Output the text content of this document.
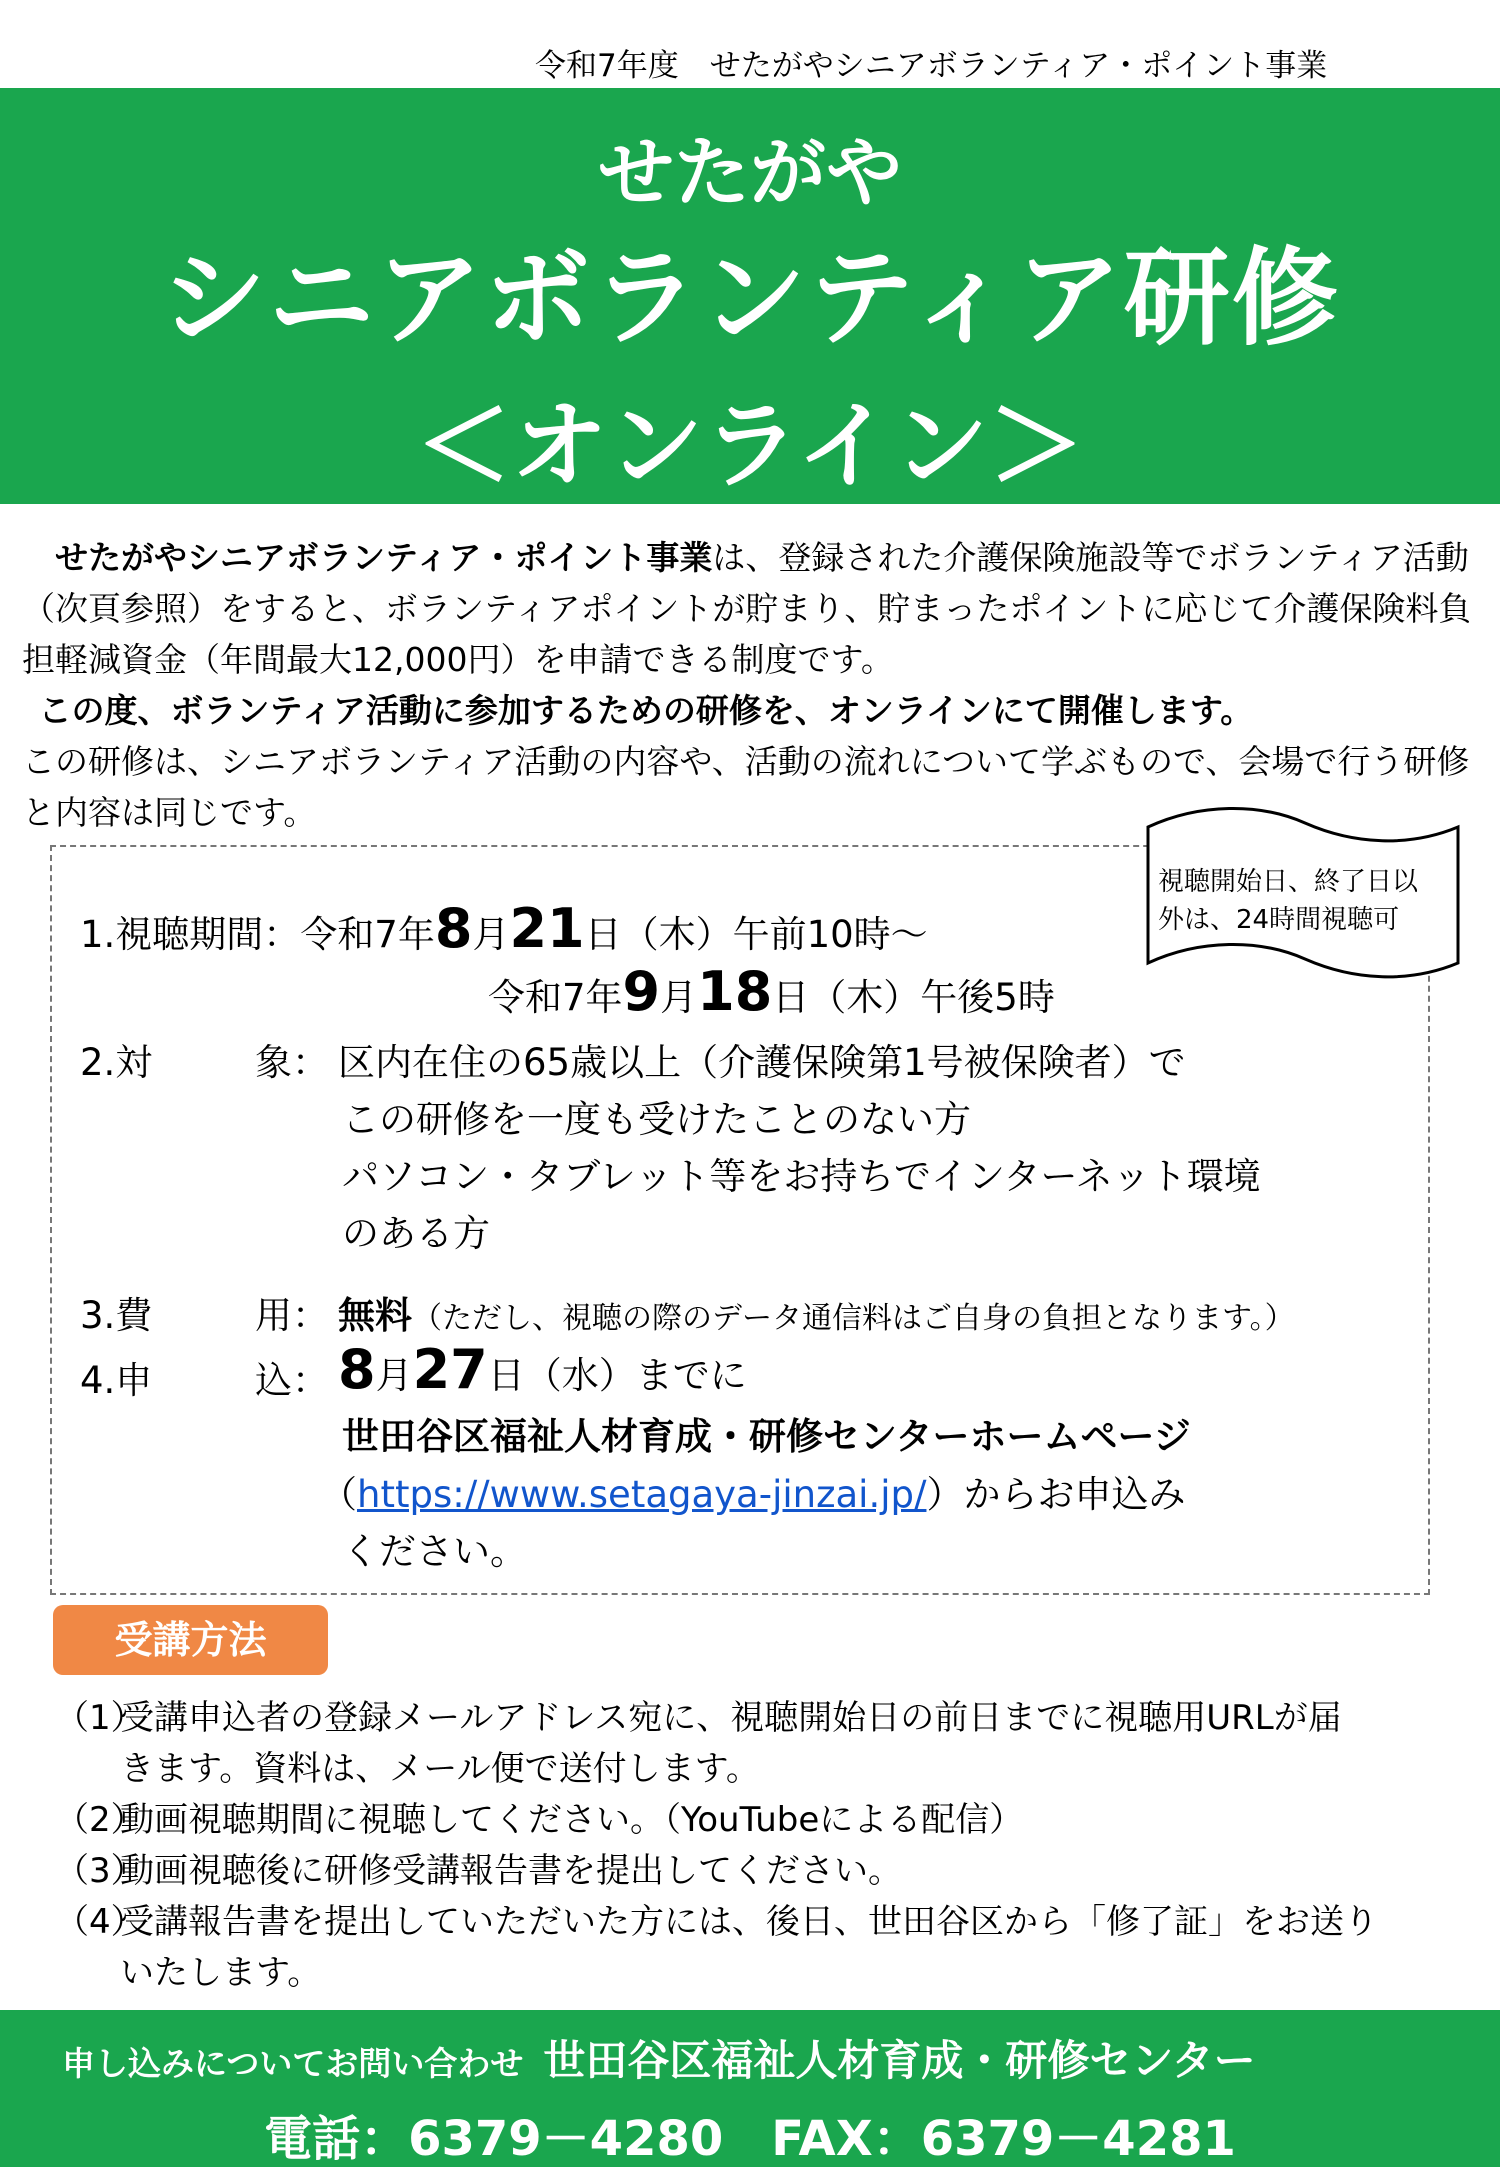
令和7年度　せたがやシニアボランティア・ポイント事業
せたがや
シニアボランティア研修
＜オンライン＞

 せたがやシニアボランティア・ポイント事業は、登録された介護保険施設等でボランティア活動（次頁参照）をすると、ボランティアポイントが貯まり、貯まったポイントに応じて介護保険料負担軽減資金（年間最大12,000円）を申請できる制度です。

 この度、ボランティア活動に参加するための研修を、オンラインにて開催します。

この研修は、シニアボランティア活動の内容や、活動の流れについて学ぶもので、会場で行う研修と内容は同じです。

視聴開始日、終了日以
外は、24時間視聴可
1.視聴期間：令和7年8月21日（木）午前10時～
令和7年9月18日（木）午後5時
2.対	象： 区内在住の65歳以上（介護保険第1号被保険者）で
この研修を一度も受けたことのない方
パソコン・タブレット等をお持ちでインターネット環境
のある方
3.費	用： 無料（ただし、視聴の際のデータ通信料はご自身の負担となります。）
4.申	込： 8月27日（水）までに
世田谷区福祉人材育成・研修センターホームページ
（https://www.setagaya-jinzai.jp/）からお申込み
ください。
受講方法
（1）
受講申込者の登録メールアドレス宛に、視聴開始日の前日までに視聴用URLが届きます。資料は、メール便で送付します。
（2）
動画視聴期間に視聴してください。（YouTubeによる配信）
（3）
動画視聴後に研修受講報告書を提出してください。
（4）
受講報告書を提出していただいた方には、後日、世田谷区から「修了証」をお送りいたします。
申し込みについてお問い合わせ 世田谷区福祉人材育成・研修センター
電話：6379－4280　FAX：6379－4281
